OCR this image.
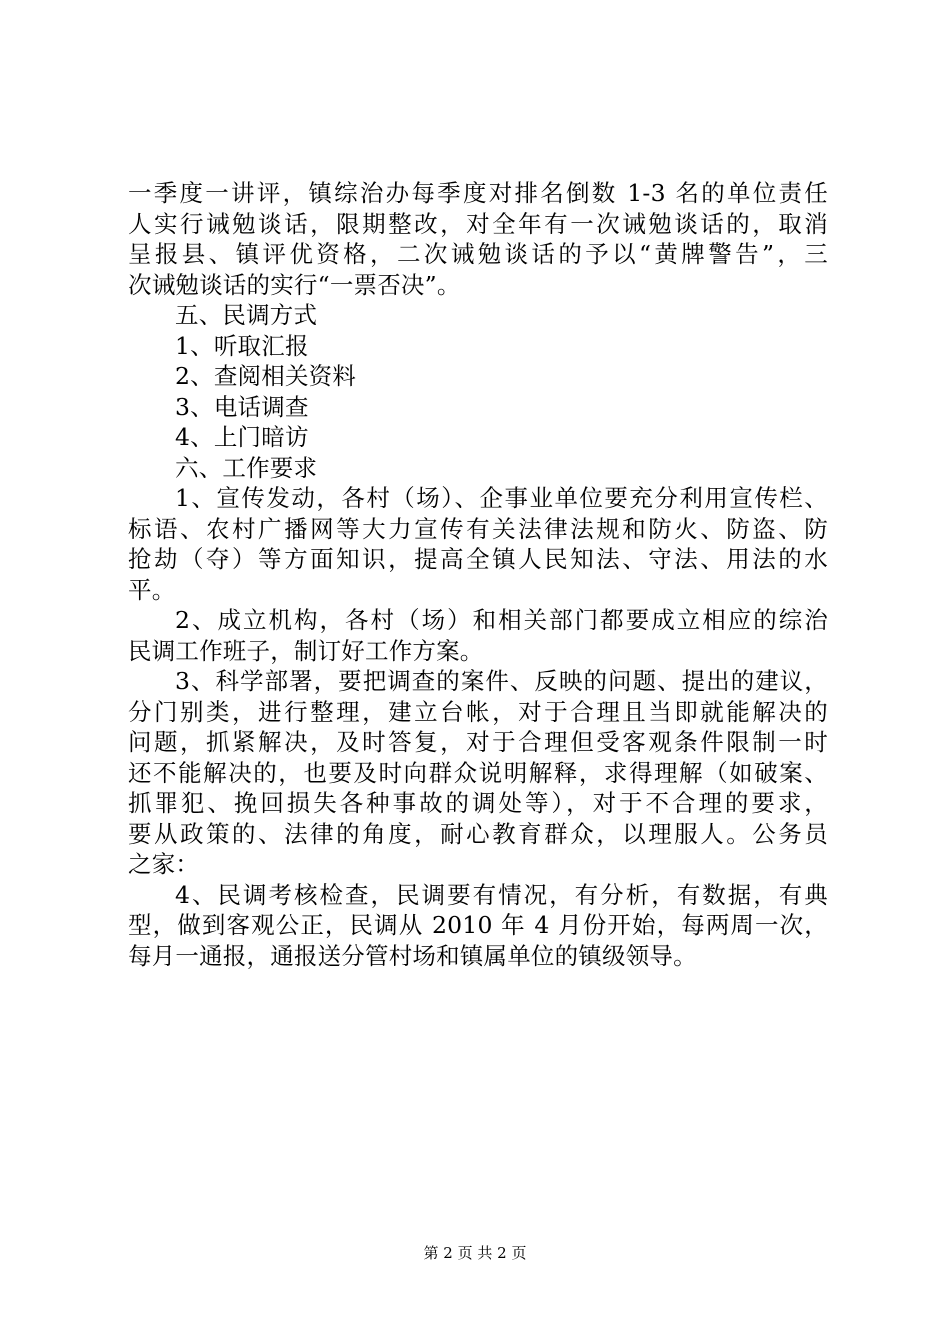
一季度一讲评，镇综治办每季度对排名倒数 1-3 名的单位责任
人实行诫勉谈话，限期整改，对全年有一次诫勉谈话的，取消
呈报县、镇评优资格，二次诫勉谈话的予以“黄牌警告”，三
次诫勉谈话的实行“一票否决”。
五、民调方式
1、听取汇报
2、查阅相关资料
3、电话调查
4、上门暗访
六、工作要求
1、宣传发动，各村（场）、企事业单位要充分利用宣传栏、
标语、农村广播网等大力宣传有关法律法规和防火、防盗、防
抢劫（夺）等方面知识，提高全镇人民知法、守法、用法的水
平。
2、成立机构，各村（场）和相关部门都要成立相应的综治
民调工作班子，制订好工作方案。
3、科学部署，要把调查的案件、反映的问题、提出的建议，
分门别类，进行整理，建立台帐，对于合理且当即就能解决的
问题，抓紧解决，及时答复，对于合理但受客观条件限制一时
还不能解决的，也要及时向群众说明解释，求得理解（如破案、
抓罪犯、挽回损失各种事故的调处等），对于不合理的要求，
要从政策的、法律的角度，耐心教育群众，以理服人。公务员
之家：
4、民调考核检查，民调要有情况，有分析，有数据，有典
型，做到客观公正，民调从 2010 年 4 月份开始，每两周一次，
每月一通报，通报送分管村场和镇属单位的镇级领导。
第 2 页 共 2 页
